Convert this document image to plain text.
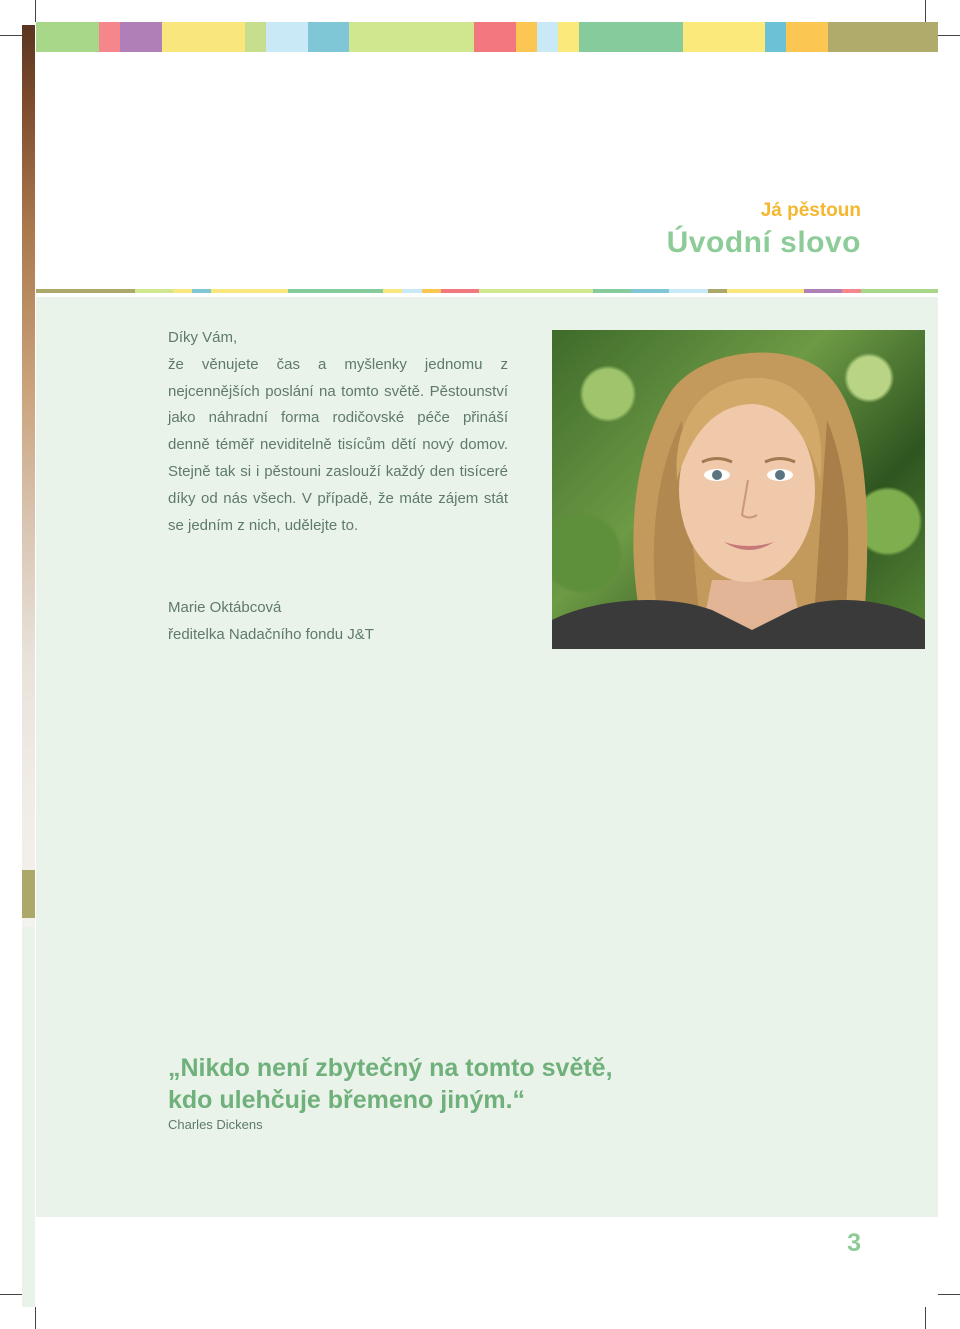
Já pěstoun
Úvodní slovo

Díky Vám,

že věnujete čas a myšlenky jednomu z nejcennějších poslání na tomto světě. Pěstounství jako náhradní forma rodičovské péče přináší denně téměř neviditelně tisícům dětí nový domov. Stejně tak si i pěstouni zaslouží každý den tisíceré díky od nás všech. V případě, že máte zájem stát se jedním z nich, udělejte to.

Marie Oktábcová
ředitelka Nadačního fondu J&T
„Nikdo není zbytečný na tomto světě,
kdo ulehčuje břemeno jiným.“
Charles Dickens
3
